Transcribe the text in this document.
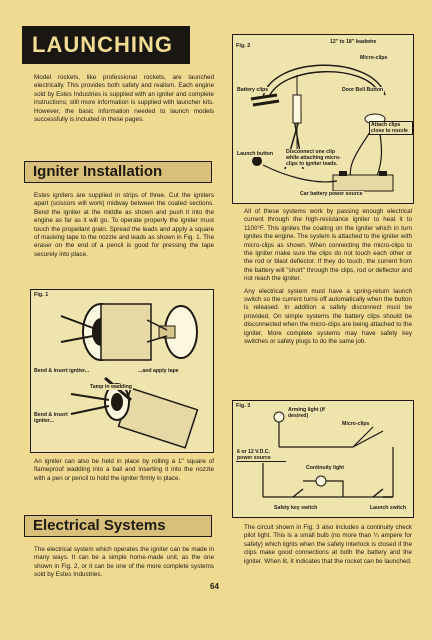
LAUNCHING

Model rockets, like professional rockets, are launched electrically. This provides both safety and realism. Each engine sold by Estes Industries is supplied with an igniter and complete instructions; still more information is supplied with launcher kits. However, the basic information needed to launch models successfully is included in these pages.

Igniter Installation

Estes igniters are supplied in strips of three. Cut the igniters apart (scissors will work) midway between the coated sections. Bend the igniter at the middle as shown and push it into the engine as far as it will go. To operate properly the igniter must touch the propellant grain. Spread the leads and apply a square of masking tape to the nozzle and leads as shown in Fig. 1. The eraser on the end of a pencil is good for pressing the tape securely into place.

Fig. 1
Bend & insert igniter...	...and apply tape
Tamp in wadding
Bend & insert igniter...

An igniter can also be held in place by rolling a 1" square of flameproof wadding into a ball and inserting it into the nozzle with a pen or pencil to hold the igniter firmly in place.

Electrical Systems

The electrical system which operates the igniter can be made in many ways. It can be a simple home-made unit, as the one shown in Fig. 2, or it can be one of the more complete systems sold by Estes Industries.

Fig. 2
12" to 18" leadwire
Micro-clips
Battery clips	Door Bell Button
Attach clips close to nozzle
Launch button Disconnect one clip while attaching micro-clips to igniter leads.
Car battery power source

All of these systems work by passing enough electrical current through the high-resistance igniter to heat it to 1100°F. This ignites the coating on the igniter which in turn ignites the engine. The system is attached to the igniter with micro-clips as shown. When connecting the micro-clips to the igniter make sure the clips do not touch each other or the rod or blast deflector. If they do touch, the current from the battery will "short" through the clips, rod or deflector and not reach the igniter.

Any electrical system must have a spring-return launch switch so the current turns off automatically when the button is released. In addition a safety disconnect must be provided. On simple systems the battery clips should be disconnected when the micro-clips are being attached to the igniter. More complete systems may have safety key switches or safety plugs to do the same job.

Fig. 3
Arming light (if desired)
Micro-clips
6 or 12 V.D.C. power source
Continuity light
Safety key switch	Launch switch

The circuit shown in Fig. 3 also includes a continuity check pilot light. This is a small bulb (no more than ¼ ampere for safety) which lights when the safety interlock is closed if the clips make good connections at both the battery and the igniter. When lit, it indicates that the rocket can be launched.

64
